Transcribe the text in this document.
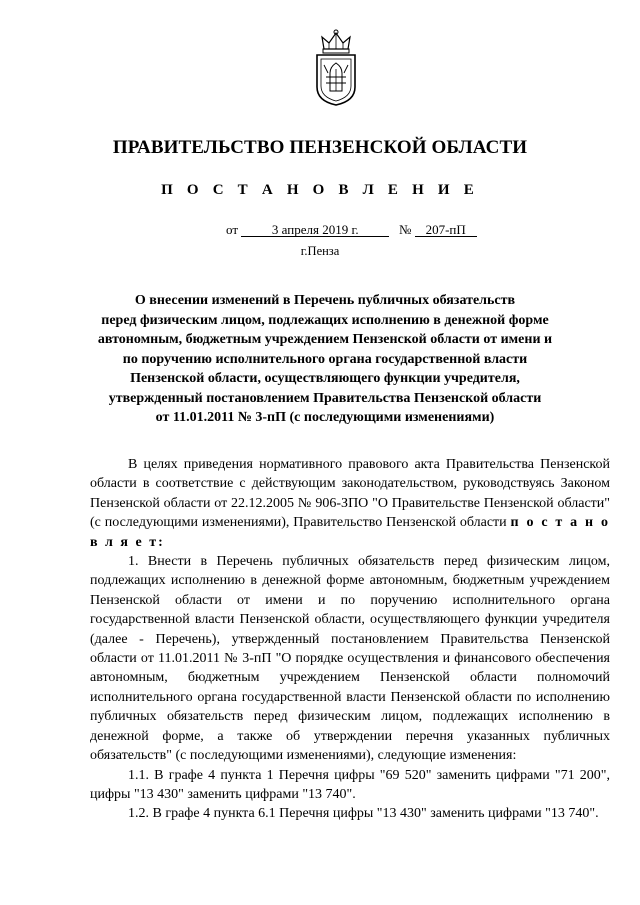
ПРАВИТЕЛЬСТВО ПЕНЗЕНСКОЙ ОБЛАСТИ
П О С Т А Н О В Л Е Н И Е
от	3 апреля 2019 г.	№ 207-пП
г.Пенза
О внесении изменений в Перечень публичных обязательств
перед физическим лицом, подлежащих исполнению в денежной форме
автономным, бюджетным учреждением Пензенской области от имени и
по поручению исполнительного органа государственной власти
Пензенской области, осуществляющего функции учредителя,
утвержденный постановлением Правительства Пензенской области
от 11.01.2011 № 3-пП (с последующими изменениями)

В целях приведения нормативного правового акта Правительства Пензенской области в соответствие с действующим законодательством, руководствуясь Законом Пензенской области от 22.12.2005 № 906-ЗПО "О Правительстве Пензенской области" (с последующими изменениями), Правительство Пензенской области п о с т а н о в л я е т:

1. Внести в Перечень публичных обязательств перед физическим лицом, подлежащих исполнению в денежной форме автономным, бюджетным учреждением Пензенской области от имени и по поручению исполнительного органа государственной власти Пензенской области, осуществляющего функции учредителя (далее - Перечень), утвержденный постановлением Правительства Пензенской области от 11.01.2011 № 3-пП "О порядке осуществления и финансового обеспечения автономным, бюджетным учреждением Пензенской области полномочий исполнительного органа государственной власти Пензенской области по исполнению публичных обязательств перед физическим лицом, подлежащих исполнению в денежной форме, а также об утверждении перечня указанных публичных обязательств" (с последующими изменениями), следующие изменения:

1.1. В графе 4 пункта 1 Перечня цифры "69 520" заменить цифрами "71 200", цифры "13 430" заменить цифрами "13 740".

1.2. В графе 4 пункта 6.1 Перечня цифры "13 430" заменить цифрами "13 740".
